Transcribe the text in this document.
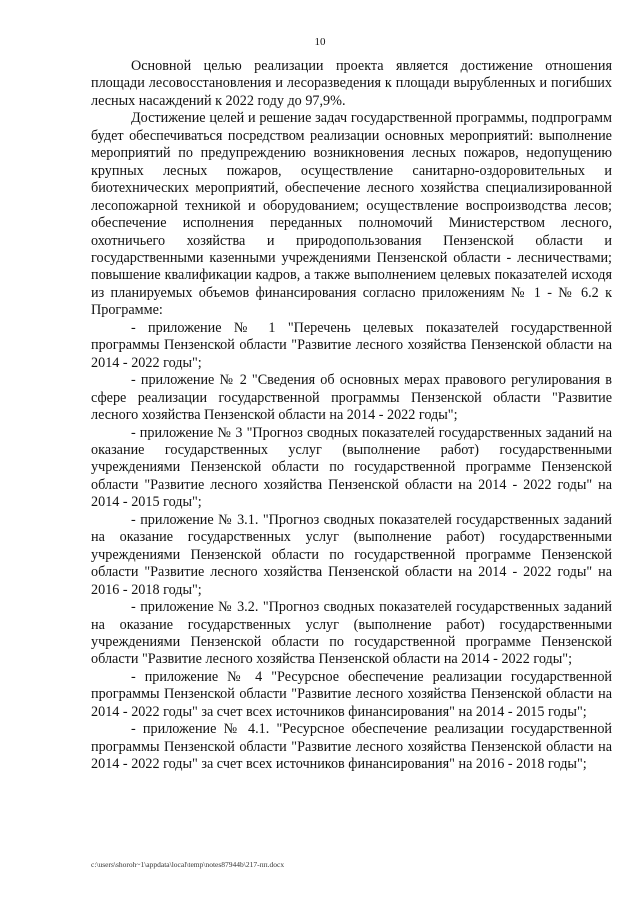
10

Основной целью реализации проекта является достижение отношения площади лесовосстановления и лесоразведения к площади вырубленных и погибших лесных насаждений к 2022 году до 97,9%.

Достижение целей и решение задач государственной программы, подпрограмм будет обеспечиваться посредством реализации основных мероприятий: выполнение мероприятий по предупреждению возникновения лесных пожаров, недопущению крупных лесных пожаров, осуществление санитарно-оздоровительных и биотехнических мероприятий, обеспечение лесного хозяйства специализированной лесопожарной техникой и оборудованием; осуществление воспроизводства лесов; обеспечение исполнения переданных полномочий Министерством лесного, охотничьего хозяйства и природопользования Пензенской области и государственными казенными учреждениями Пензенской области - лесничествами; повышение квалификации кадров, а также выполнением целевых показателей исходя из планируемых объемов финансирования согласно приложениям № 1 - № 6.2 к Программе:

- приложение № 1 "Перечень целевых показателей государственной программы Пензенской области "Развитие лесного хозяйства Пензенской области на 2014 - 2022 годы";

- приложение № 2 "Сведения об основных мерах правового регулирования в сфере реализации государственной программы Пензенской области "Развитие лесного хозяйства Пензенской области на 2014 - 2022 годы";

- приложение № 3 "Прогноз сводных показателей государственных заданий на оказание государственных услуг (выполнение работ) государственными учреждениями Пензенской области по государственной программе Пензенской области "Развитие лесного хозяйства Пензенской области на 2014 - 2022 годы" на 2014 - 2015 годы";

- приложение № 3.1. "Прогноз сводных показателей государственных заданий на оказание государственных услуг (выполнение работ) государственными учреждениями Пензенской области по государственной программе Пензенской области "Развитие лесного хозяйства Пензенской области на 2014 - 2022 годы" на 2016 - 2018 годы";

- приложение № 3.2. "Прогноз сводных показателей государственных заданий на оказание государственных услуг (выполнение работ) государственными учреждениями Пензенской области по государственной программе Пензенской области "Развитие лесного хозяйства Пензенской области на 2014 - 2022 годы";

- приложение № 4 "Ресурсное обеспечение реализации государственной программы Пензенской области "Развитие лесного хозяйства Пензенской области на 2014 - 2022 годы" за счет всех источников финансирования" на 2014 - 2015 годы";

- приложение № 4.1. "Ресурсное обеспечение реализации государственной программы Пензенской области "Развитие лесного хозяйства Пензенской области на 2014 - 2022 годы" за счет всех источников финансирования" на 2016 - 2018 годы";

c:\users\shoroh~1\appdata\local\temp\notes87944b\217-пп.docx
